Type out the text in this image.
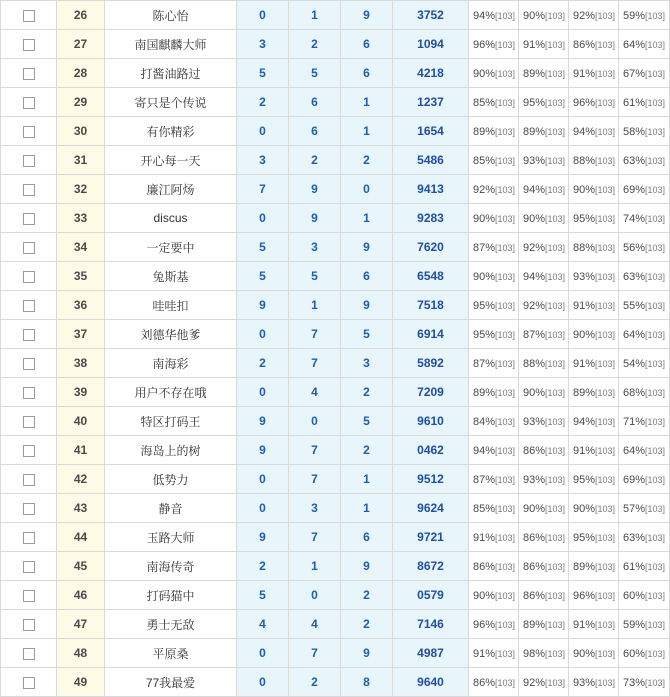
	26	陈心怡	0	1	9	3752	94%[103]	90%[103]	92%[103]	59%[103]
	27	南国麒麟大师	3	2	6	1094	96%[103]	91%[103]	86%[103]	64%[103]
	28	打酱油路过	5	5	6	4218	90%[103]	89%[103]	91%[103]	67%[103]
	29	寄只是个传说	2	6	1	1237	85%[103]	95%[103]	96%[103]	61%[103]
	30	有你精彩	0	6	1	1654	89%[103]	89%[103]	94%[103]	58%[103]
	31	开心每一天	3	2	2	5486	85%[103]	93%[103]	88%[103]	63%[103]
	32	廉江阿炀	7	9	0	9413	92%[103]	94%[103]	90%[103]	69%[103]
	33	discus	0	9	1	9283	90%[103]	90%[103]	95%[103]	74%[103]
	34	一定要中	5	3	9	7620	87%[103]	92%[103]	88%[103]	56%[103]
	35	兔斯基	5	5	6	6548	90%[103]	94%[103]	93%[103]	63%[103]
	36	哇哇扣	9	1	9	7518	95%[103]	92%[103]	91%[103]	55%[103]
	37	刘德华他爹	0	7	5	6914	95%[103]	87%[103]	90%[103]	64%[103]
	38	南海彩	2	7	3	5892	87%[103]	88%[103]	91%[103]	54%[103]
	39	用户不存在哦	0	4	2	7209	89%[103]	90%[103]	89%[103]	68%[103]
	40	特区打码王	9	0	5	9610	84%[103]	93%[103]	94%[103]	71%[103]
	41	海岛上的树	9	7	2	0462	94%[103]	86%[103]	91%[103]	64%[103]
	42	低势力	0	7	1	9512	87%[103]	93%[103]	95%[103]	69%[103]
	43	静音	0	3	1	9624	85%[103]	90%[103]	90%[103]	57%[103]
	44	玉路大师	9	7	6	9721	91%[103]	86%[103]	95%[103]	63%[103]
	45	南海传奇	2	1	9	8672	86%[103]	86%[103]	89%[103]	61%[103]
	46	打码猫中	5	0	2	0579	90%[103]	86%[103]	96%[103]	60%[103]
	47	勇士无敌	4	4	2	7146	96%[103]	89%[103]	91%[103]	59%[103]
	48	平原桑	0	7	9	4987	91%[103]	98%[103]	90%[103]	60%[103]
	49	77我最爱	0	2	8	9640	86%[103]	92%[103]	93%[103]	73%[103]
